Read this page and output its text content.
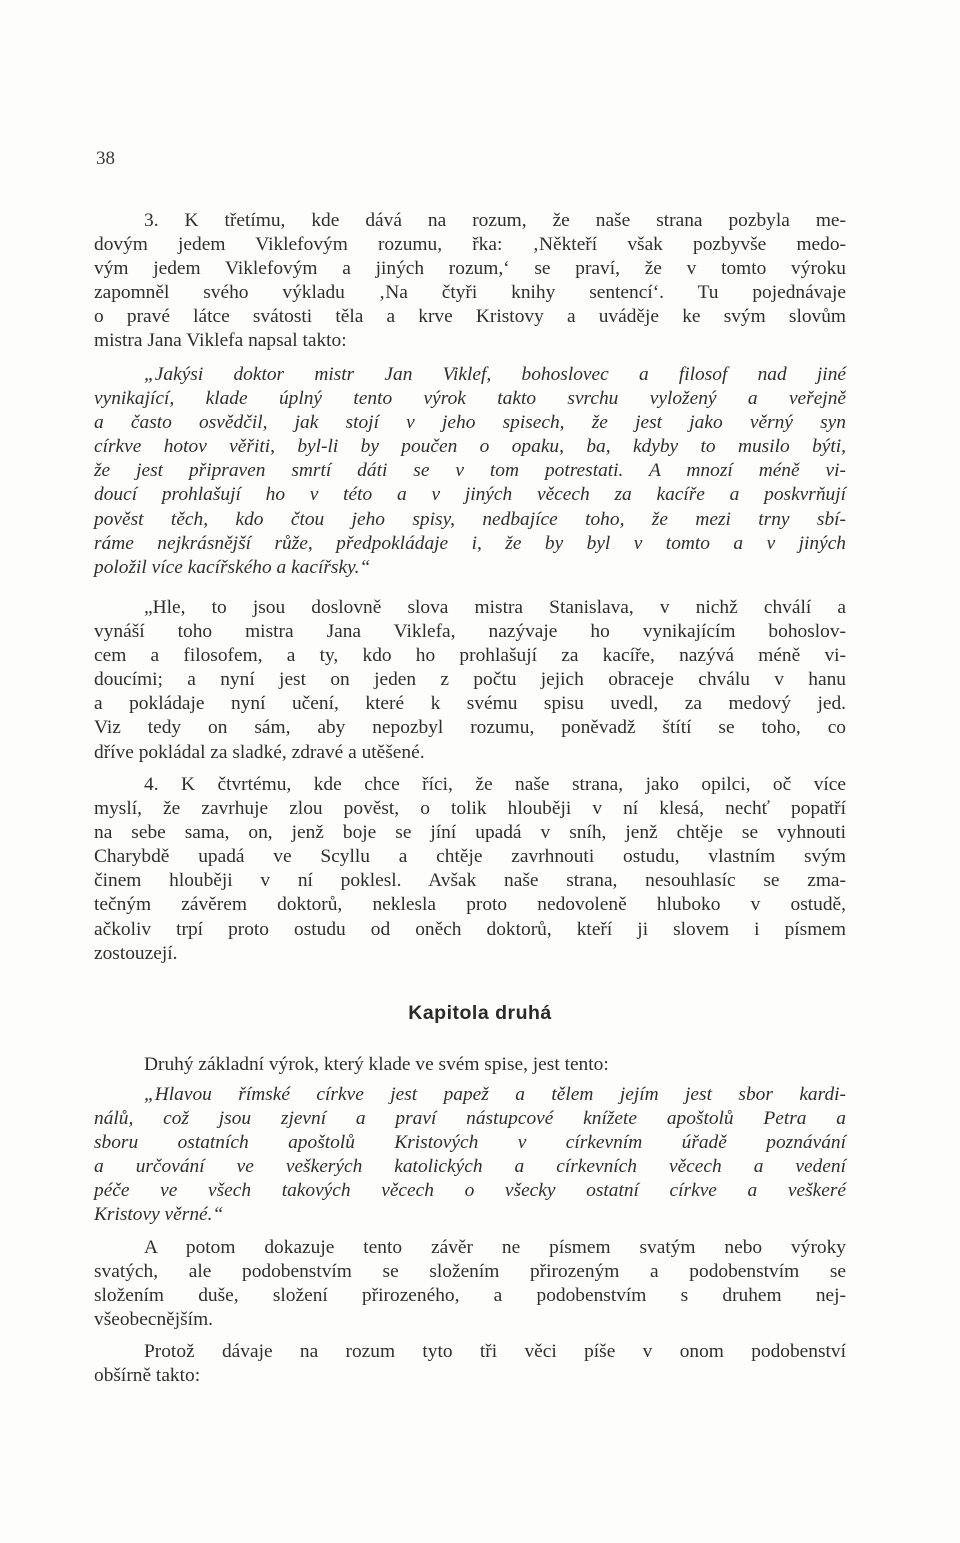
38
3. K třetímu, kde dává na rozum, že naše strana pozbyla me-
dovým jedem Viklefovým rozumu, řka: ‚Někteří však pozbyvše medo-
vým jedem Viklefovým a jiných rozum,‘ se praví, že v tomto výroku
zapomněl svého výkladu ‚Na čtyři knihy sentencí‘. Tu pojednávaje
o pravé látce svátosti těla a krve Kristovy a uváděje ke svým slovům
mistra Jana Viklefa napsal takto:
„Jakýsi doktor mistr Jan Viklef, bohoslovec a filosof nad jiné
vynikající, klade úplný tento výrok takto svrchu vyložený a veřejně
a často osvědčil, jak stojí v jeho spisech, že jest jako věrný syn
církve hotov věřiti, byl-li by poučen o opaku, ba, kdyby to musilo býti,
že jest připraven smrtí dáti se v tom potrestati. A mnozí méně vi-
doucí prohlašují ho v této a v jiných věcech za kacíře a poskvrňují
pověst těch, kdo čtou jeho spisy, nedbajíce toho, že mezi trny sbí-
ráme nejkrásnější růže, předpokládaje i, že by byl v tomto a v jiných
položil více kacířského a kacířsky.“
„Hle, to jsou doslovně slova mistra Stanislava, v nichž chválí a
vynáší toho mistra Jana Viklefa, nazývaje ho vynikajícím bohoslov-
cem a filosofem, a ty, kdo ho prohlašují za kacíře, nazývá méně vi-
doucími; a nyní jest on jeden z počtu jejich obraceje chválu v hanu
a pokládaje nyní učení, které k svému spisu uvedl, za medový jed.
Viz tedy on sám, aby nepozbyl rozumu, poněvadž štítí se toho, co
dříve pokládal za sladké, zdravé a utěšené.
4. K čtvrtému, kde chce říci, že naše strana, jako opilci, oč více
myslí, že zavrhuje zlou pověst, o tolik hlouběji v ní klesá, nechť popatří
na sebe sama, on, jenž boje se jíní upadá v sníh, jenž chtěje se vyhnouti
Charybdě upadá ve Scyllu a chtěje zavrhnouti ostudu, vlastním svým
činem hlouběji v ní poklesl. Avšak naše strana, nesouhlasíc se zma-
tečným závěrem doktorů, neklesla proto nedovoleně hluboko v ostudě,
ačkoliv trpí proto ostudu od oněch doktorů, kteří ji slovem i písmem
zostouzejí.
Kapitola druhá
Druhý základní výrok, který klade ve svém spise, jest tento:
„Hlavou římské církve jest papež a tělem jejím jest sbor kardi-
nálů, což jsou zjevní a praví nástupcové knížete apoštolů Petra a
sboru ostatních apoštolů Kristových v církevním úřadě poznávání
a určování ve veškerých katolických a církevních věcech a vedení
péče ve všech takových věcech o všecky ostatní církve a veškeré
Kristovy věrné.“
A potom dokazuje tento závěr ne písmem svatým nebo výroky
svatých, ale podobenstvím se složením přirozeným a podobenstvím se
složením duše, složení přirozeného, a podobenstvím s druhem nej-
všeobecnějším.
Protož dávaje na rozum tyto tři věci píše v onom podobenství
obšírně takto:
